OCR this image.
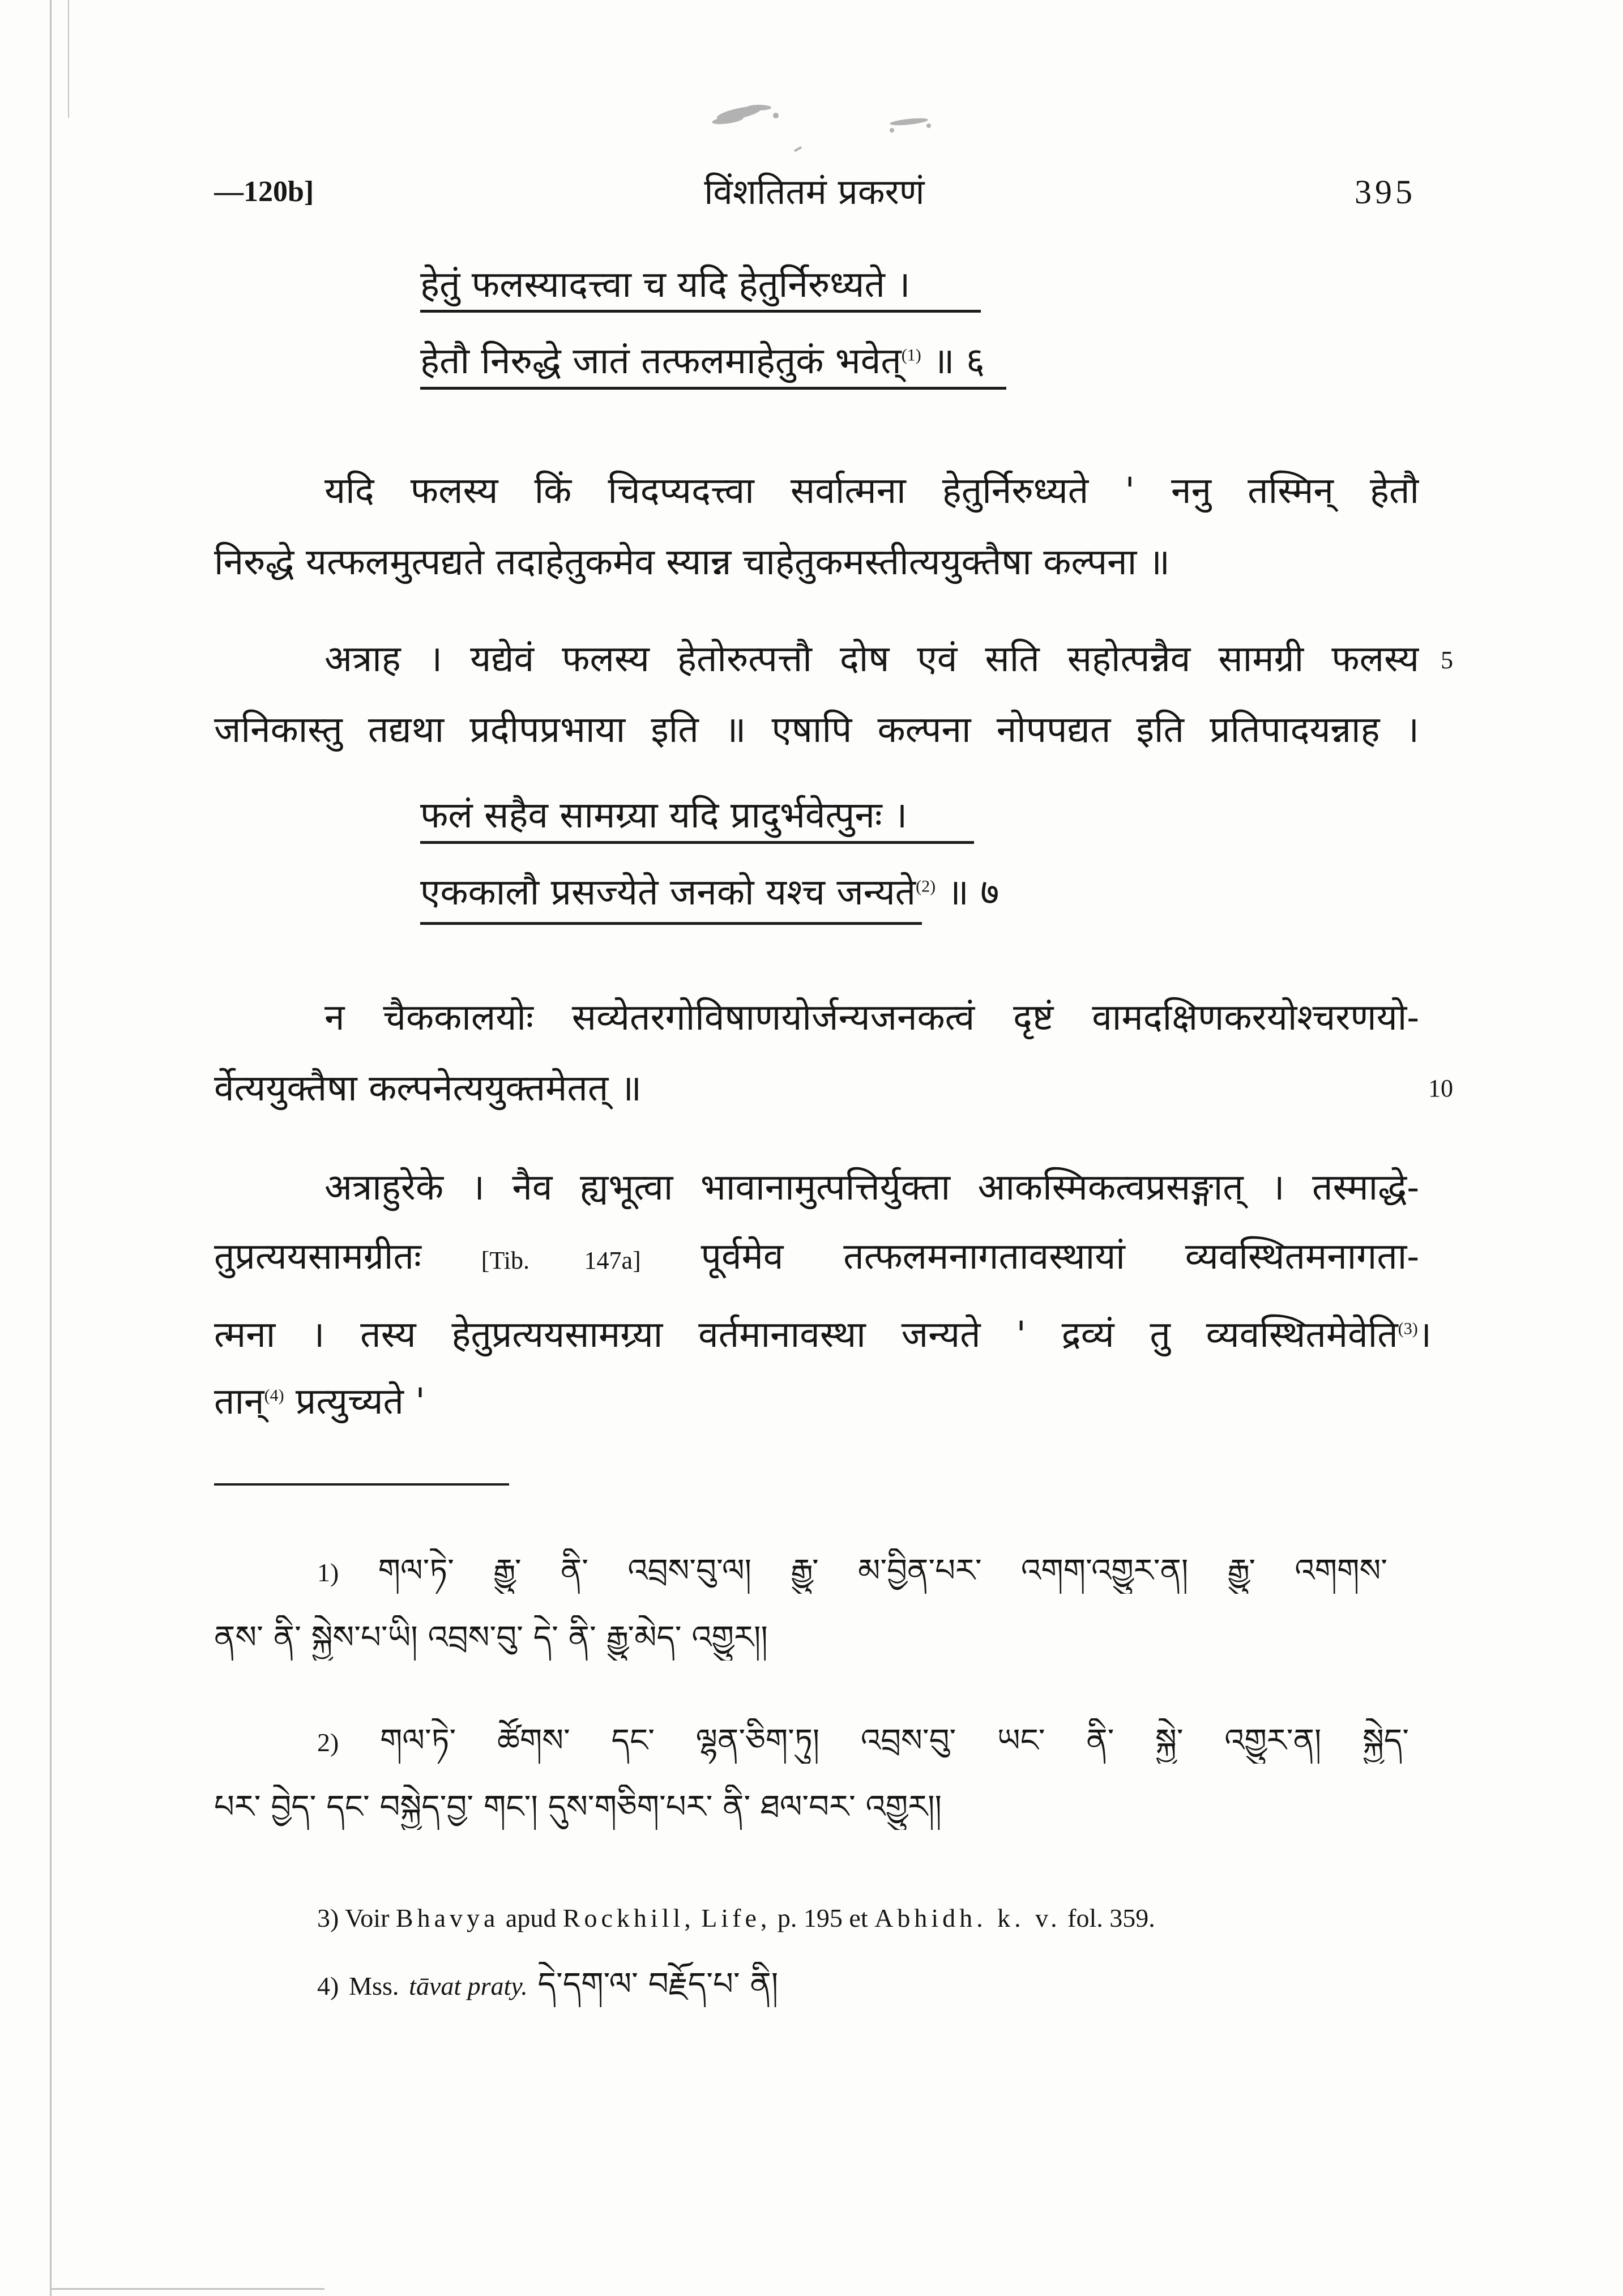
—120b]	विंशतितमं प्रकरणं	395
हेतुं फलस्यादत्त्वा च यदि हेतुर्निरुध्यते ।
हेतौ निरुद्धे जातं तत्फलमाहेतुकं भवेत्$^{(1)}$ ॥ ६
यदि फलस्य किं चिदप्यदत्त्वा सर्वात्मना हेतुर्निरुध्यते ' ननु तस्मिन् हेतौ
निरुद्धे यत्फलमुत्पद्यते तदाहेतुकमेव स्यान्न चाहेतुकमस्तीत्ययुक्तैषा कल्पना ॥
अत्राह । यद्येवं फलस्य हेतोरुत्पत्तौ दोष एवं सति सहोत्पन्नैव सामग्री फलस्य 5
जनिकास्तु तद्यथा प्रदीपप्रभाया इति ॥ एषापि कल्पना नोपपद्यत इति प्रतिपादयन्नाह ।
फलं सहैव सामग्र्या यदि प्रादुर्भवेत्पुनः ।
एककालौ प्रसज्येते जनको यश्च जन्यते$^{(2)}$ ॥ ७
न चैककालयोः सव्येतरगोविषाणयोर्जन्यजनकत्वं दृष्टं वामदक्षिणकरयोश्चरणयो-
र्वेत्ययुक्तैषा कल्पनेत्ययुक्तमेतत् ॥	10
अत्राहुरेके । नैव ह्यभूत्वा भावानामुत्पत्तिर्युक्ता आकस्मिकत्वप्रसङ्गात् । तस्माद्धे-
तुप्रत्ययसामग्रीतः [Tib. 147a] पूर्वमेव तत्फलमनागतावस्थायां व्यवस्थितमनागता-
त्मना । तस्य हेतुप्रत्ययसामग्र्या वर्तमानावस्था जन्यते ' द्रव्यं तु व्यवस्थितमेवेति$^{(3)}$।
तान्$^{(4)}$ प्रत्युच्यते '
1) གལ་ཏེ་ རྒྱུ་ ནི་ འབྲས་བུ་ལ། རྒྱུ་ མ་བྱིན་པར་ འགག་འགྱུར་ན། རྒྱུ་ འགགས་
ནས་ ནི་ སྐྱེས་པ་ཡི། འབྲས་བུ་ དེ་ ནི་ རྒྱུ་མེད་ འགྱུར།།
2) གལ་ཏེ་ ཚོགས་ དང་ ལྷན་ཅིག་ཏུ། འབྲས་བུ་ ཡང་ ནི་ སྐྱེ་ འགྱུར་ན། སྐྱེད་
པར་ བྱེད་ དང་ བསྐྱེད་བྱ་ གང་། དུས་གཅིག་པར་ ནི་ ཐལ་བར་ འགྱུར།།
3) Voir Bhavya apud Rockhill, Life, p. 195 et Abhidh. k. v. fol. 359.
4) Mss. tāvat praty. དེ་དག་ལ་ བརྗོད་པ་ ནི།
